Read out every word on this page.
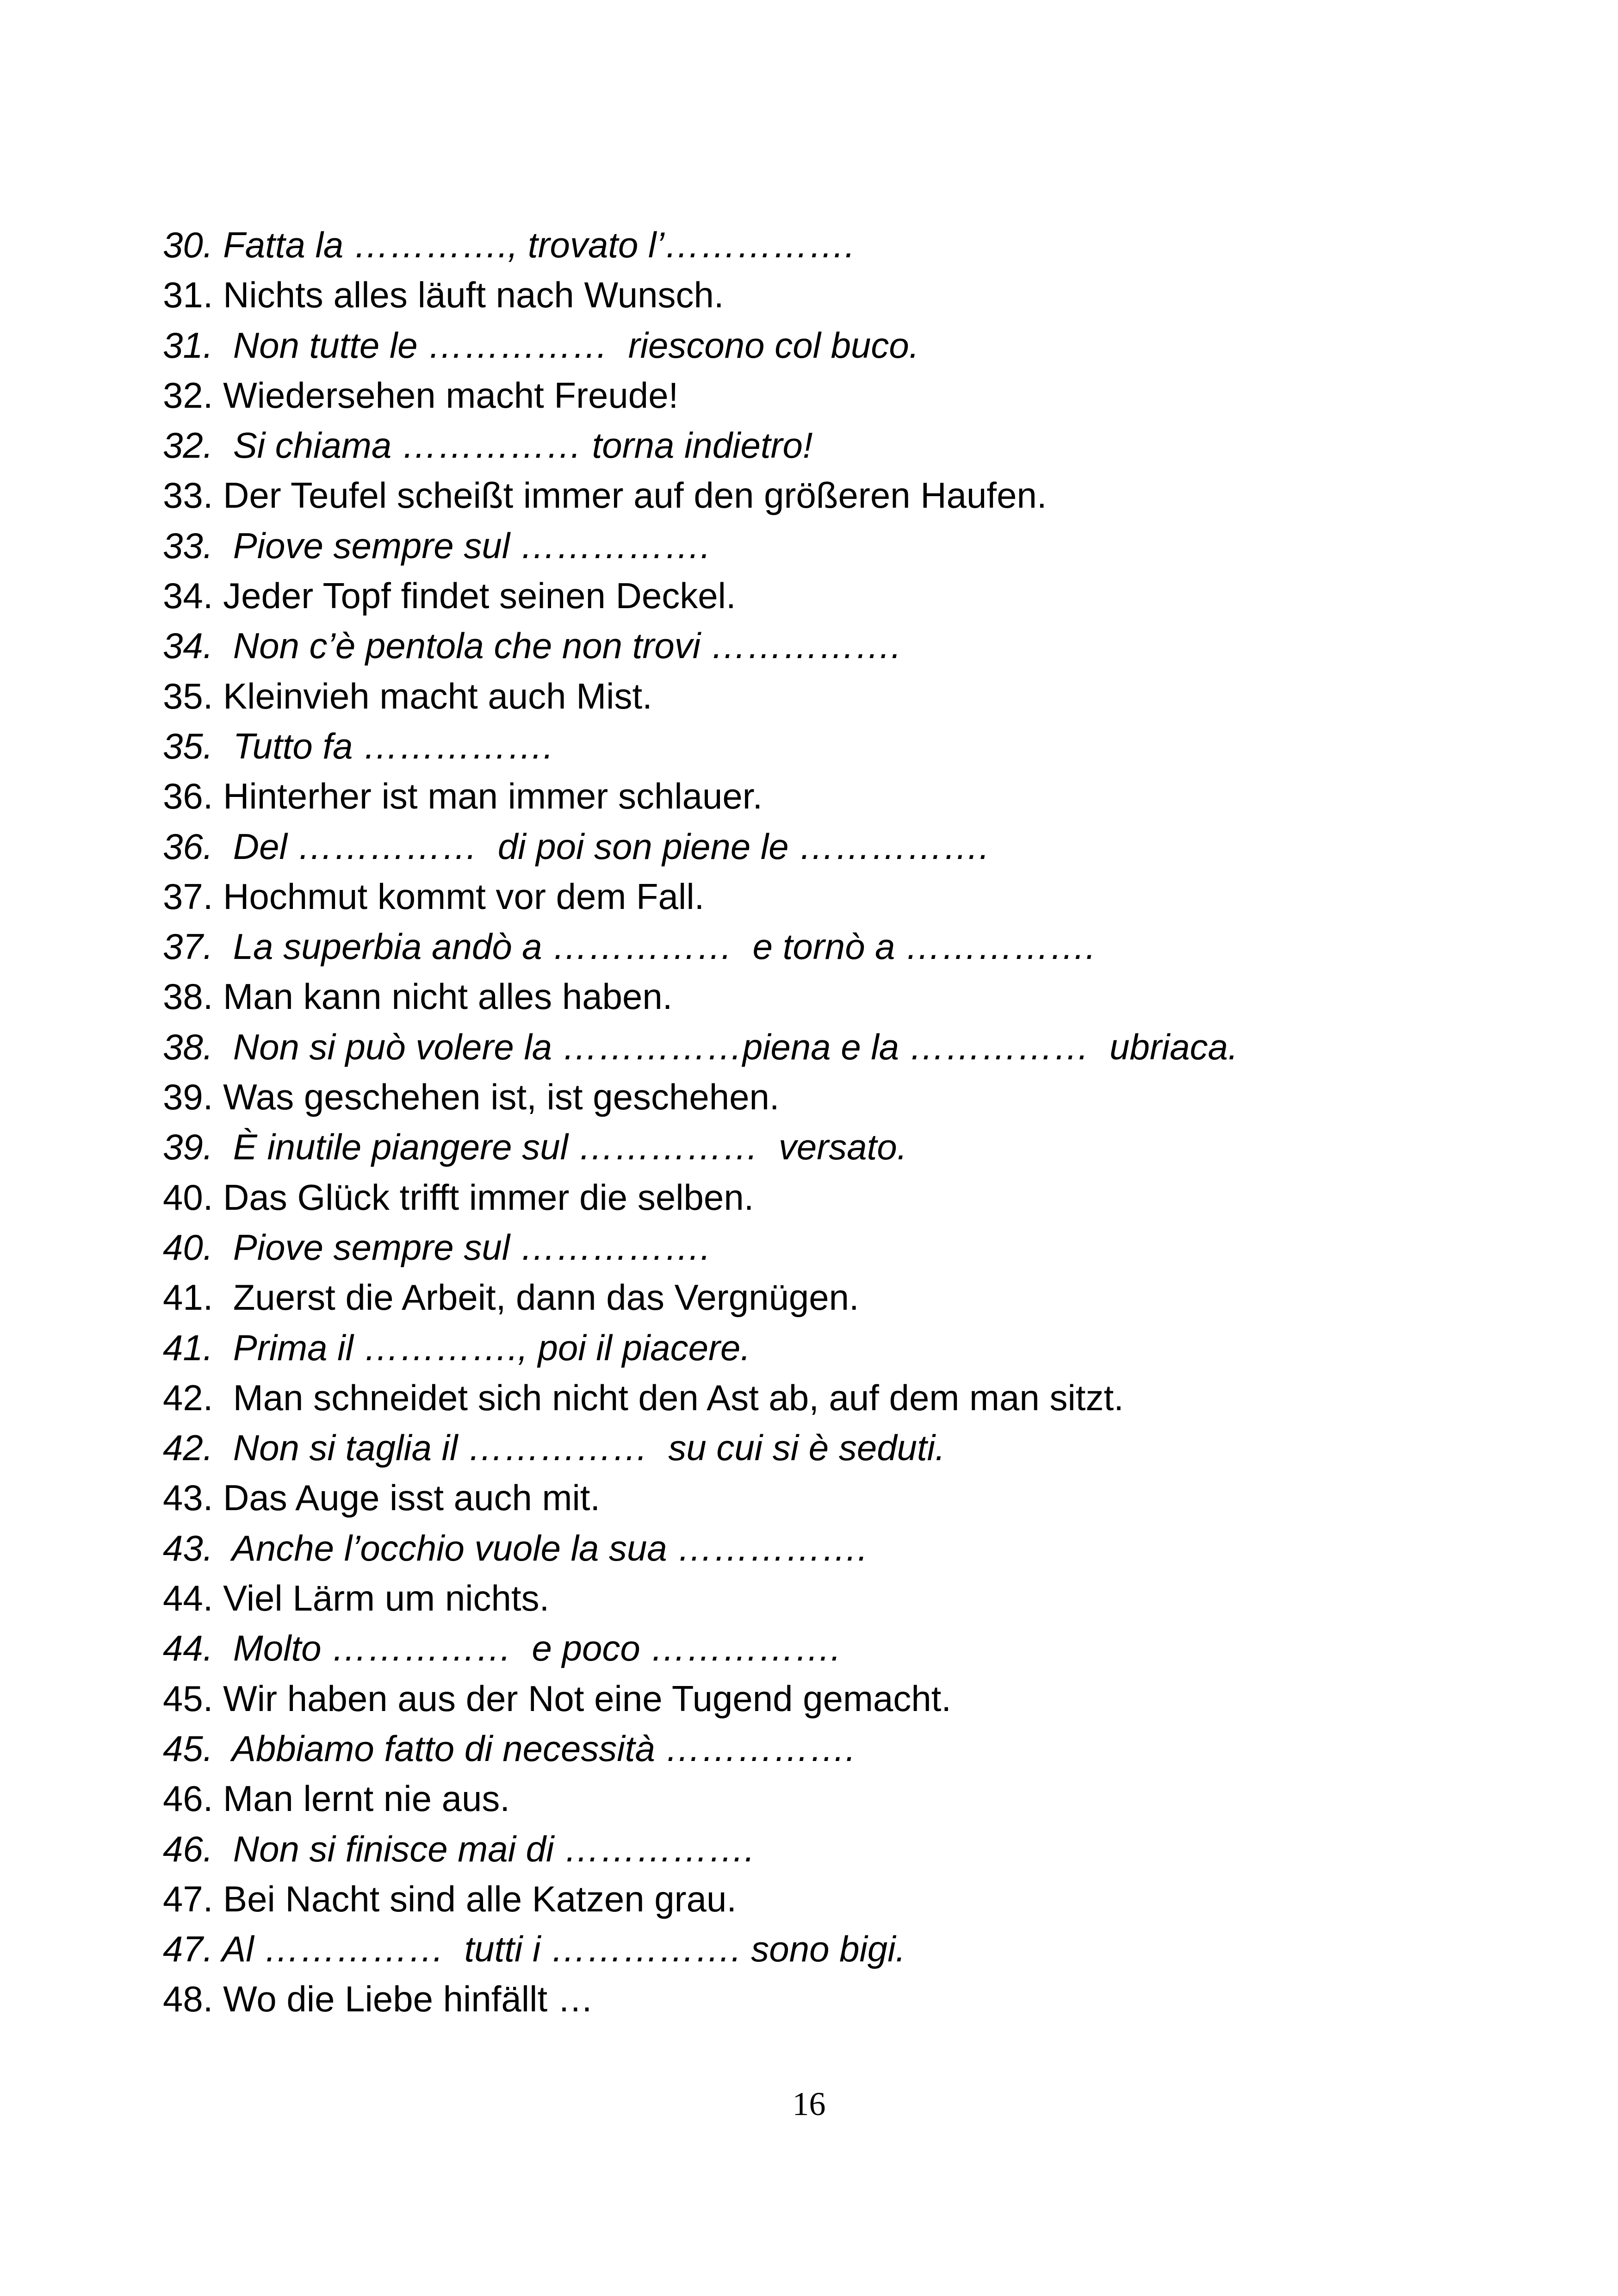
30. Fatta la …………., trovato l’…………….
31. Nichts alles läuft nach Wunsch.
31.  Non tutte le ……………  riescono col buco.
32. Wiedersehen macht Freude!
32.  Si chiama …………… torna indietro!
33. Der Teufel scheißt immer auf den größeren Haufen.
33.  Piove sempre sul …………….
34. Jeder Topf findet seinen Deckel.
34.  Non c’è pentola che non trovi …………….
35. Kleinvieh macht auch Mist.
35.  Tutto fa …………….
36. Hinterher ist man immer schlauer.
36.  Del ……………  di poi son piene le …………….
37. Hochmut kommt vor dem Fall.
37.  La superbia andò a ……………  e tornò a …………….
38. Man kann nicht alles haben.
38.  Non si può volere la ……………piena e la ……………  ubriaca.
39. Was geschehen ist, ist geschehen.
39.  È inutile piangere sul ……………  versato.
40. Das Glück trifft immer die selben.
40.  Piove sempre sul …………….
41.  Zuerst die Arbeit, dann das Vergnügen.
41.  Prima il …………., poi il piacere.
42.  Man schneidet sich nicht den Ast ab, auf dem man sitzt.
42.  Non si taglia il ……………  su cui si è seduti.
43. Das Auge isst auch mit.
43.  Anche l’occhio vuole la sua …………….
44. Viel Lärm um nichts.
44.  Molto ……………  e poco …………….
45. Wir haben aus der Not eine Tugend gemacht.
45.  Abbiamo fatto di necessità …………….
46. Man lernt nie aus.
46.  Non si finisce mai di …………….
47. Bei Nacht sind alle Katzen grau.
47. Al ……………  tutti i ……………. sono bigi.
48. Wo die Liebe hinfällt …
16
